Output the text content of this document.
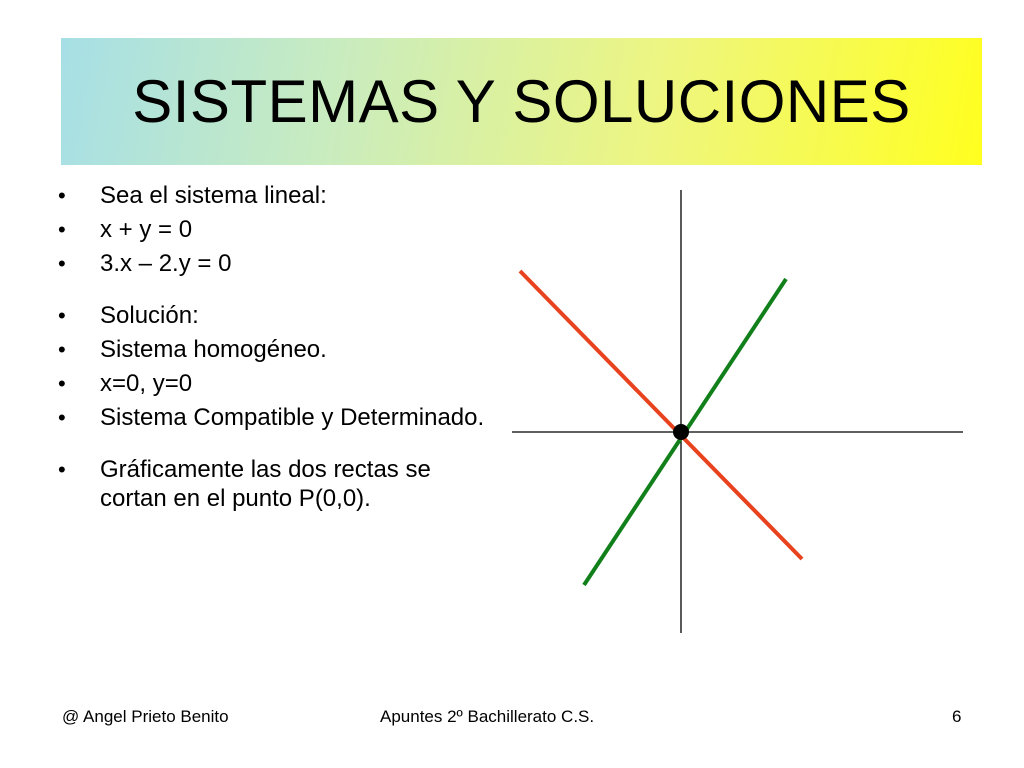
SISTEMAS Y SOLUCIONES
• Sea el sistema lineal:
• x + y = 0
• 3.x – 2.y = 0
• Solución:
• Sistema homogéneo.
• x=0, y=0
• Sistema Compatible y Determinado.
• Gráficamente las dos rectas se cortan en el punto P(0,0).
@ Angel Prieto Benito	Apuntes 2º Bachillerato C.S.	6
